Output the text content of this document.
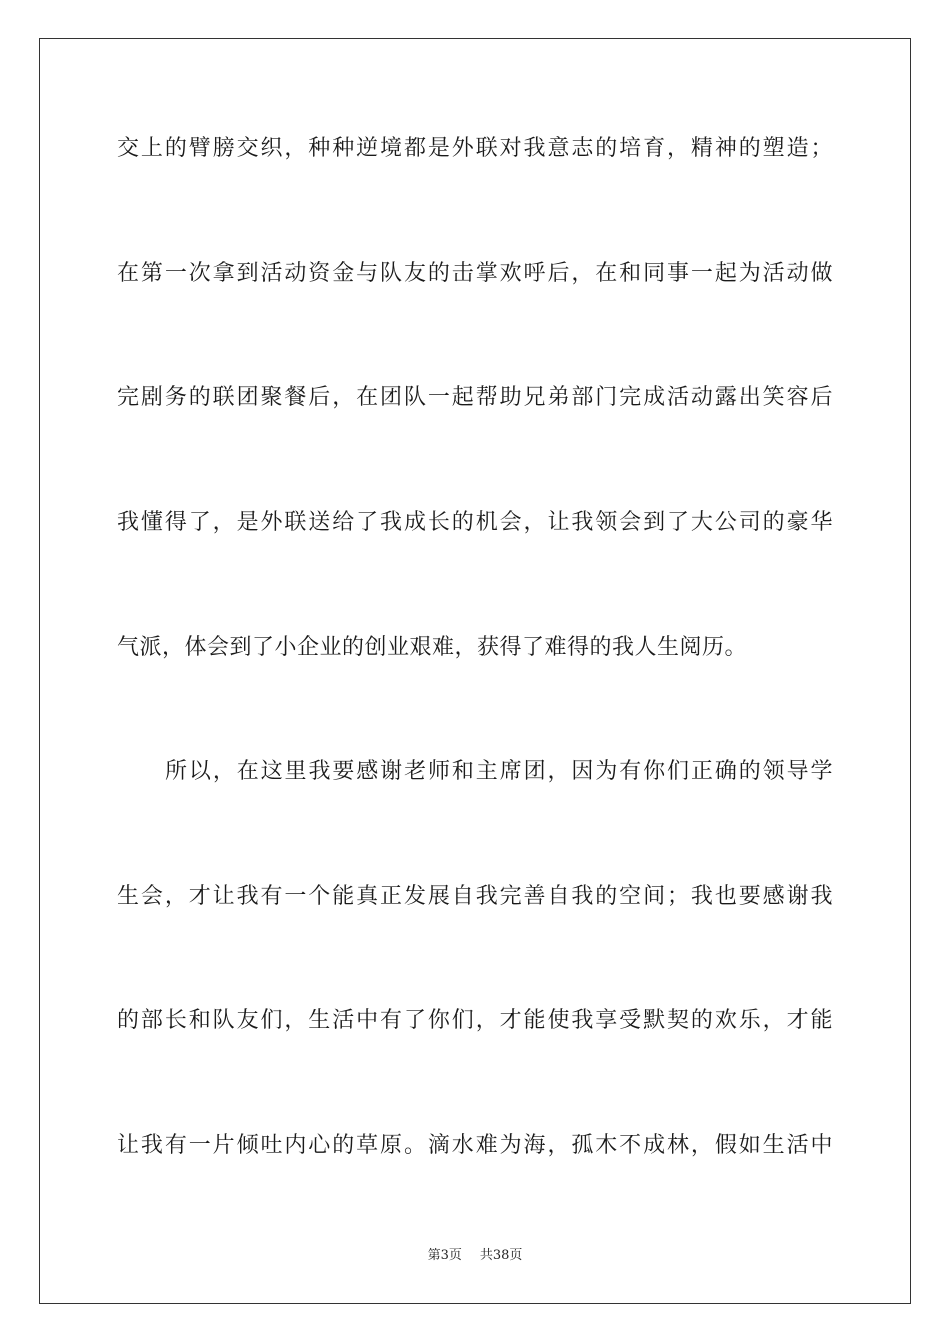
交上的臂膀交织，种种逆境都是外联对我意志的培育，精神的塑造；
在第一次拿到活动资金与队友的击掌欢呼后，在和同事一起为活动做
完剧务的联团聚餐后，在团队一起帮助兄弟部门完成活动露出笑容后
我懂得了，是外联送给了我成长的机会，让我领会到了大公司的豪华
气派，体会到了小企业的创业艰难，获得了难得的我人生阅历。
所以，在这里我要感谢老师和主席团，因为有你们正确的领导学
生会，才让我有一个能真正发展自我完善自我的空间；我也要感谢我
的部长和队友们，生活中有了你们，才能使我享受默契的欢乐，才能
让我有一片倾吐内心的草原。滴水难为海，孤木不成林，假如生活中
第3页 共38页
